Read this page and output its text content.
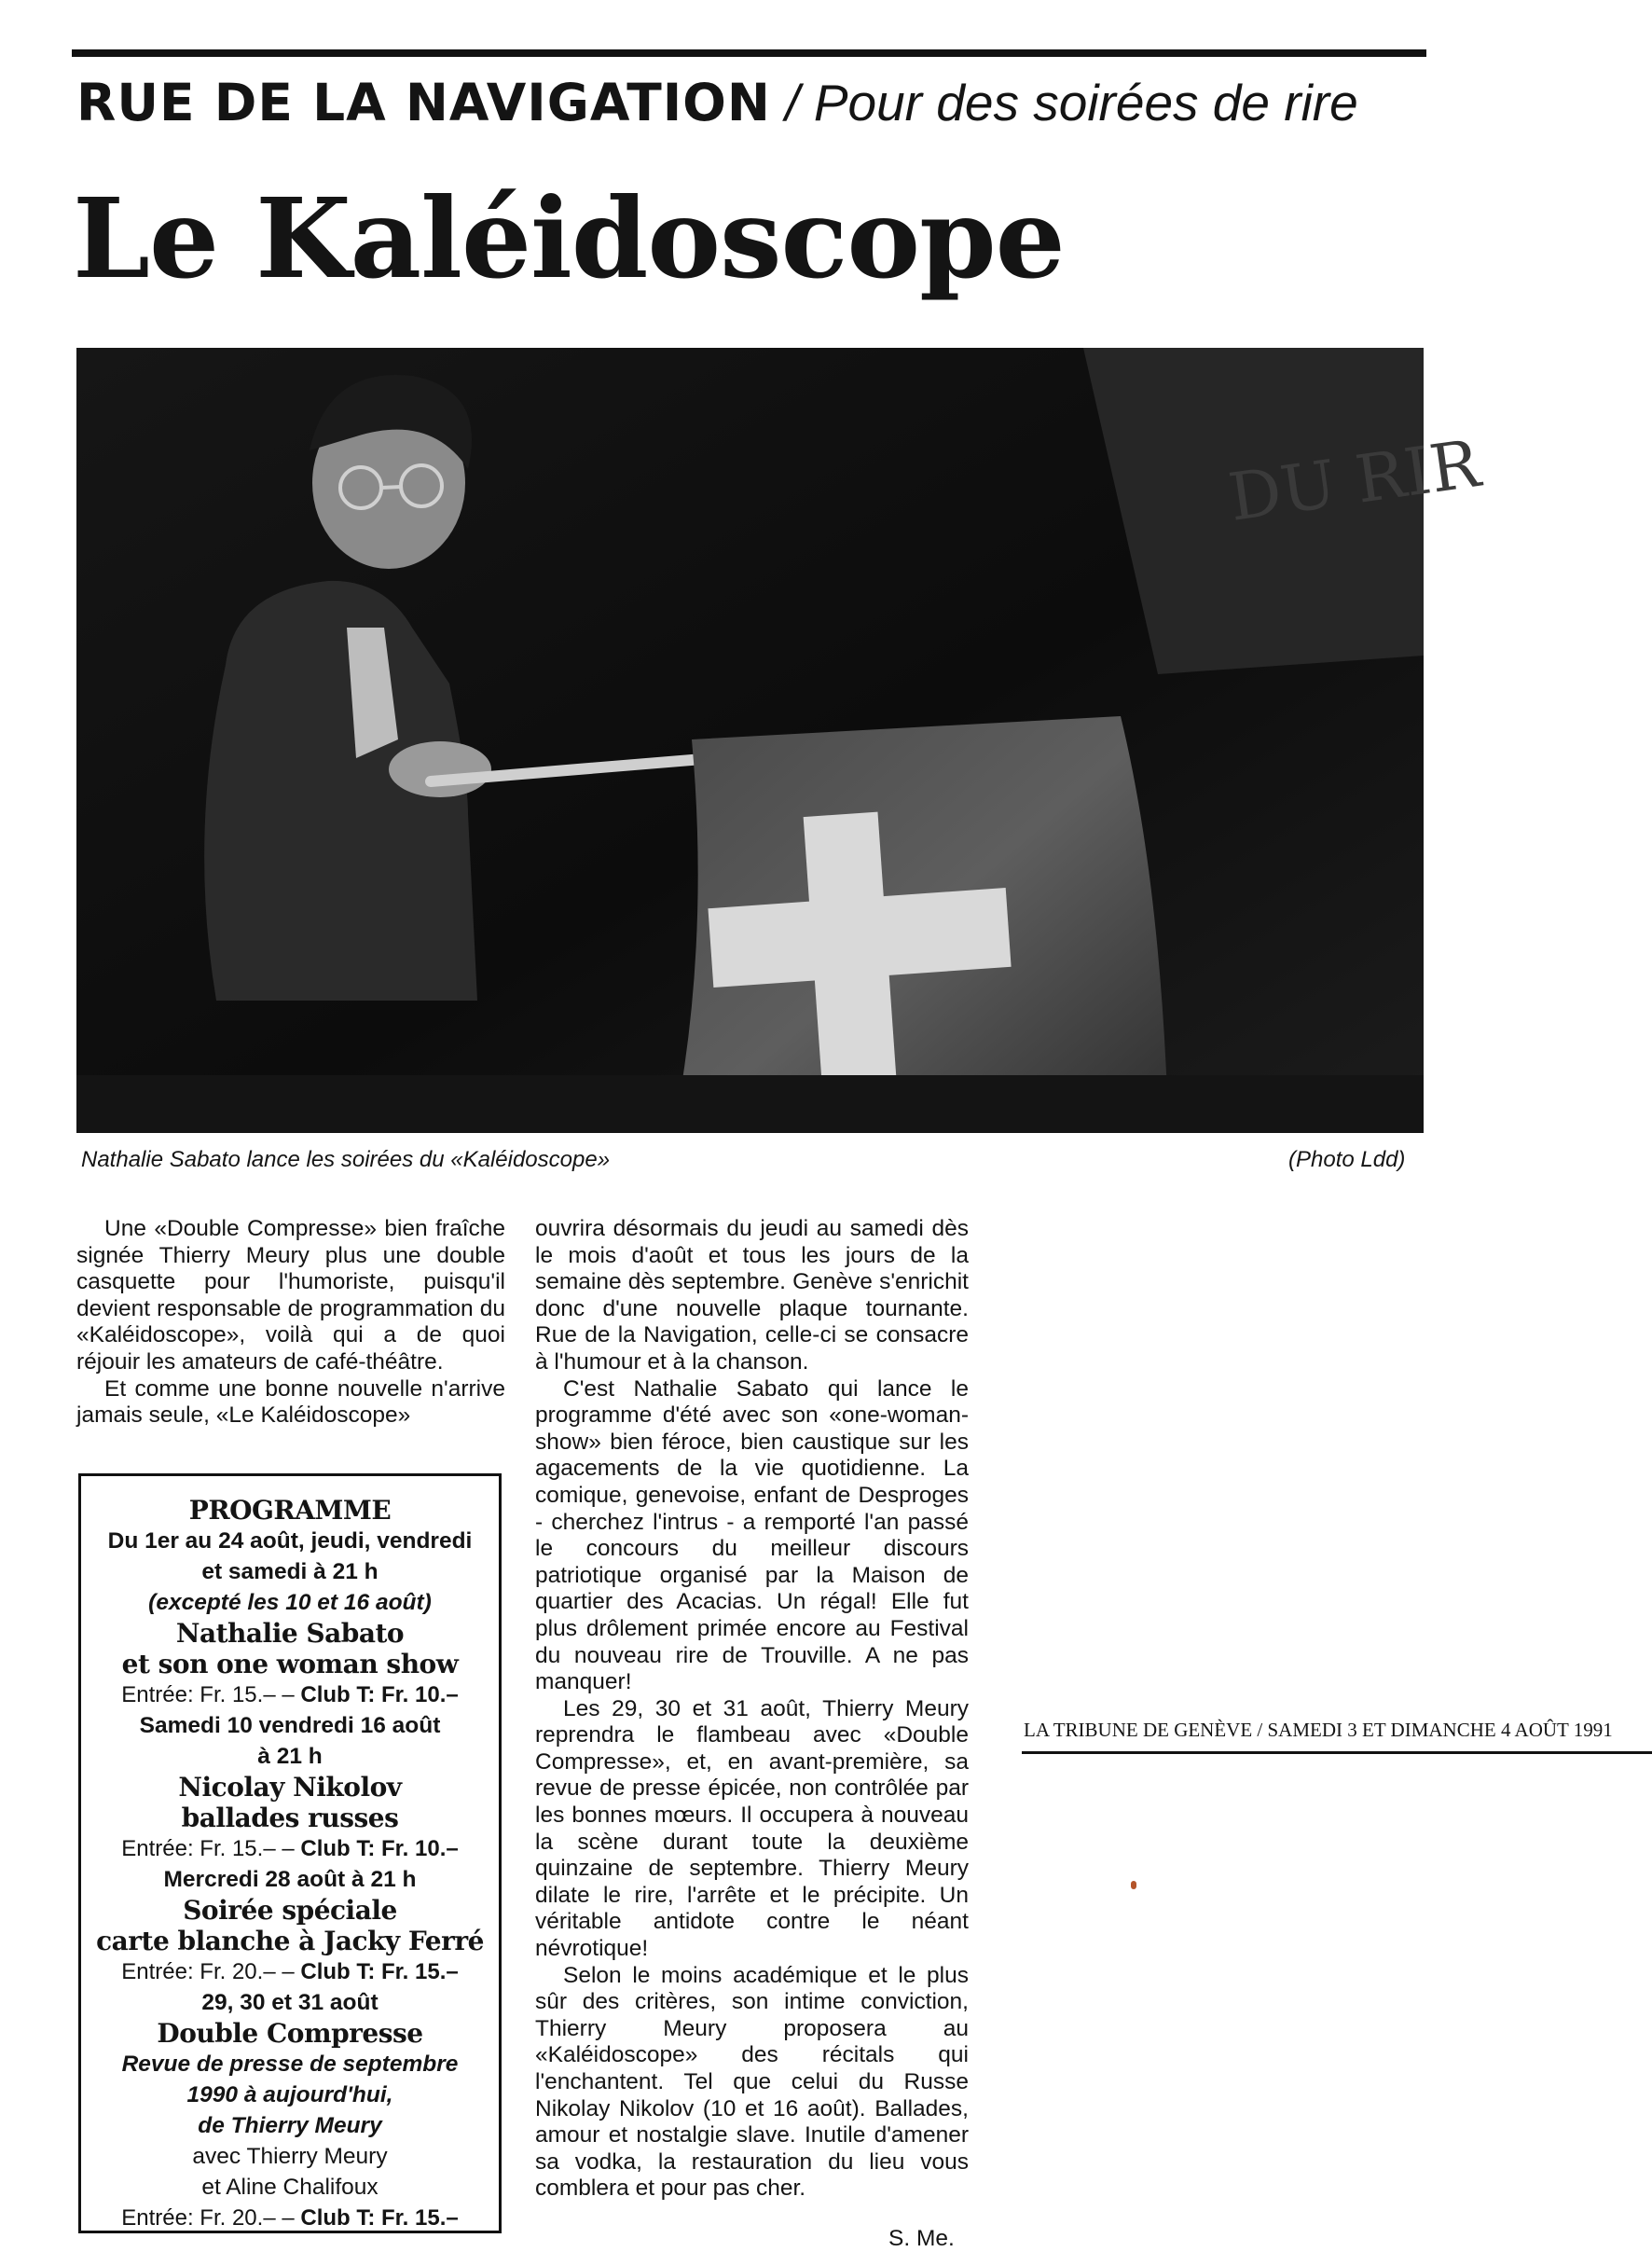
RUE DE LA NAVIGATION / Pour des soirées de rire
Le Kaléidoscope
DU RIR
Nathalie Sabato lance les soirées du «Kaléidoscope»	(Photo Ldd)

Une «Double Compresse» bien fraîche signée Thierry Meury plus une double casquette pour l'humoriste, puisqu'il devient responsable de programmation du «Kaléidoscope», voilà qui a de quoi réjouir les amateurs de café-théâtre.

Et comme une bonne nouvelle n'arrive jamais seule, «Le Kaléidoscope»

PROGRAMME
Du 1er au 24 août, jeudi, vendredi
et samedi à 21 h
(excepté les 10 et 16 août)
Nathalie Sabato
et son one woman show
Entrée: Fr. 15.– – Club T: Fr. 10.–
Samedi 10 vendredi 16 août
à 21 h
Nicolay Nikolov
ballades russes
Entrée: Fr. 15.– – Club T: Fr. 10.–
Mercredi 28 août à 21 h
Soirée spéciale
carte blanche à Jacky Ferré
Entrée: Fr. 20.– – Club T: Fr. 15.–
29, 30 et 31 août
Double Compresse
Revue de presse de septembre
1990 à aujourd'hui,
de Thierry Meury
avec Thierry Meury
et Aline Chalifoux
Entrée: Fr. 20.– – Club T: Fr. 15.–

ouvrira désormais du jeudi au samedi dès le mois d'août et tous les jours de la semaine dès septembre. Genève s'enrichit donc d'une nouvelle plaque tournante. Rue de la Navigation, celle-ci se consacre à l'humour et à la chanson.

C'est Nathalie Sabato qui lance le programme d'été avec son «one-woman-show» bien féroce, bien caustique sur les agacements de la vie quotidienne. La comique, genevoise, enfant de Desproges - cherchez l'intrus - a remporté l'an passé le concours du meilleur discours patriotique organisé par la Maison de quartier des Acacias. Un régal! Elle fut plus drôlement primée encore au Festival du nouveau rire de Trouville. A ne pas manquer!

Les 29, 30 et 31 août, Thierry Meury reprendra le flambeau avec «Double Compresse», et, en avant-première, sa revue de presse épicée, non contrôlée par les bonnes mœurs. Il occupera à nouveau la scène durant toute la deuxième quinzaine de septembre. Thierry Meury dilate le rire, l'arrête et le précipite. Un véritable antidote contre le néant névrotique!

Selon le moins académique et le plus sûr des critères, son intime conviction, Thierry Meury proposera au «Kaléidoscope» des récitals qui l'enchantent. Tel que celui du Russe Nikolay Nikolov (10 et 16 août). Ballades, amour et nostalgie slave. Inutile d'amener sa vodka, la restauration du lieu vous comblera et pour pas cher.

S. Me.
LA TRIBUNE DE GENÈVE / SAMEDI 3 ET DIMANCHE 4 AOÛT 1991
